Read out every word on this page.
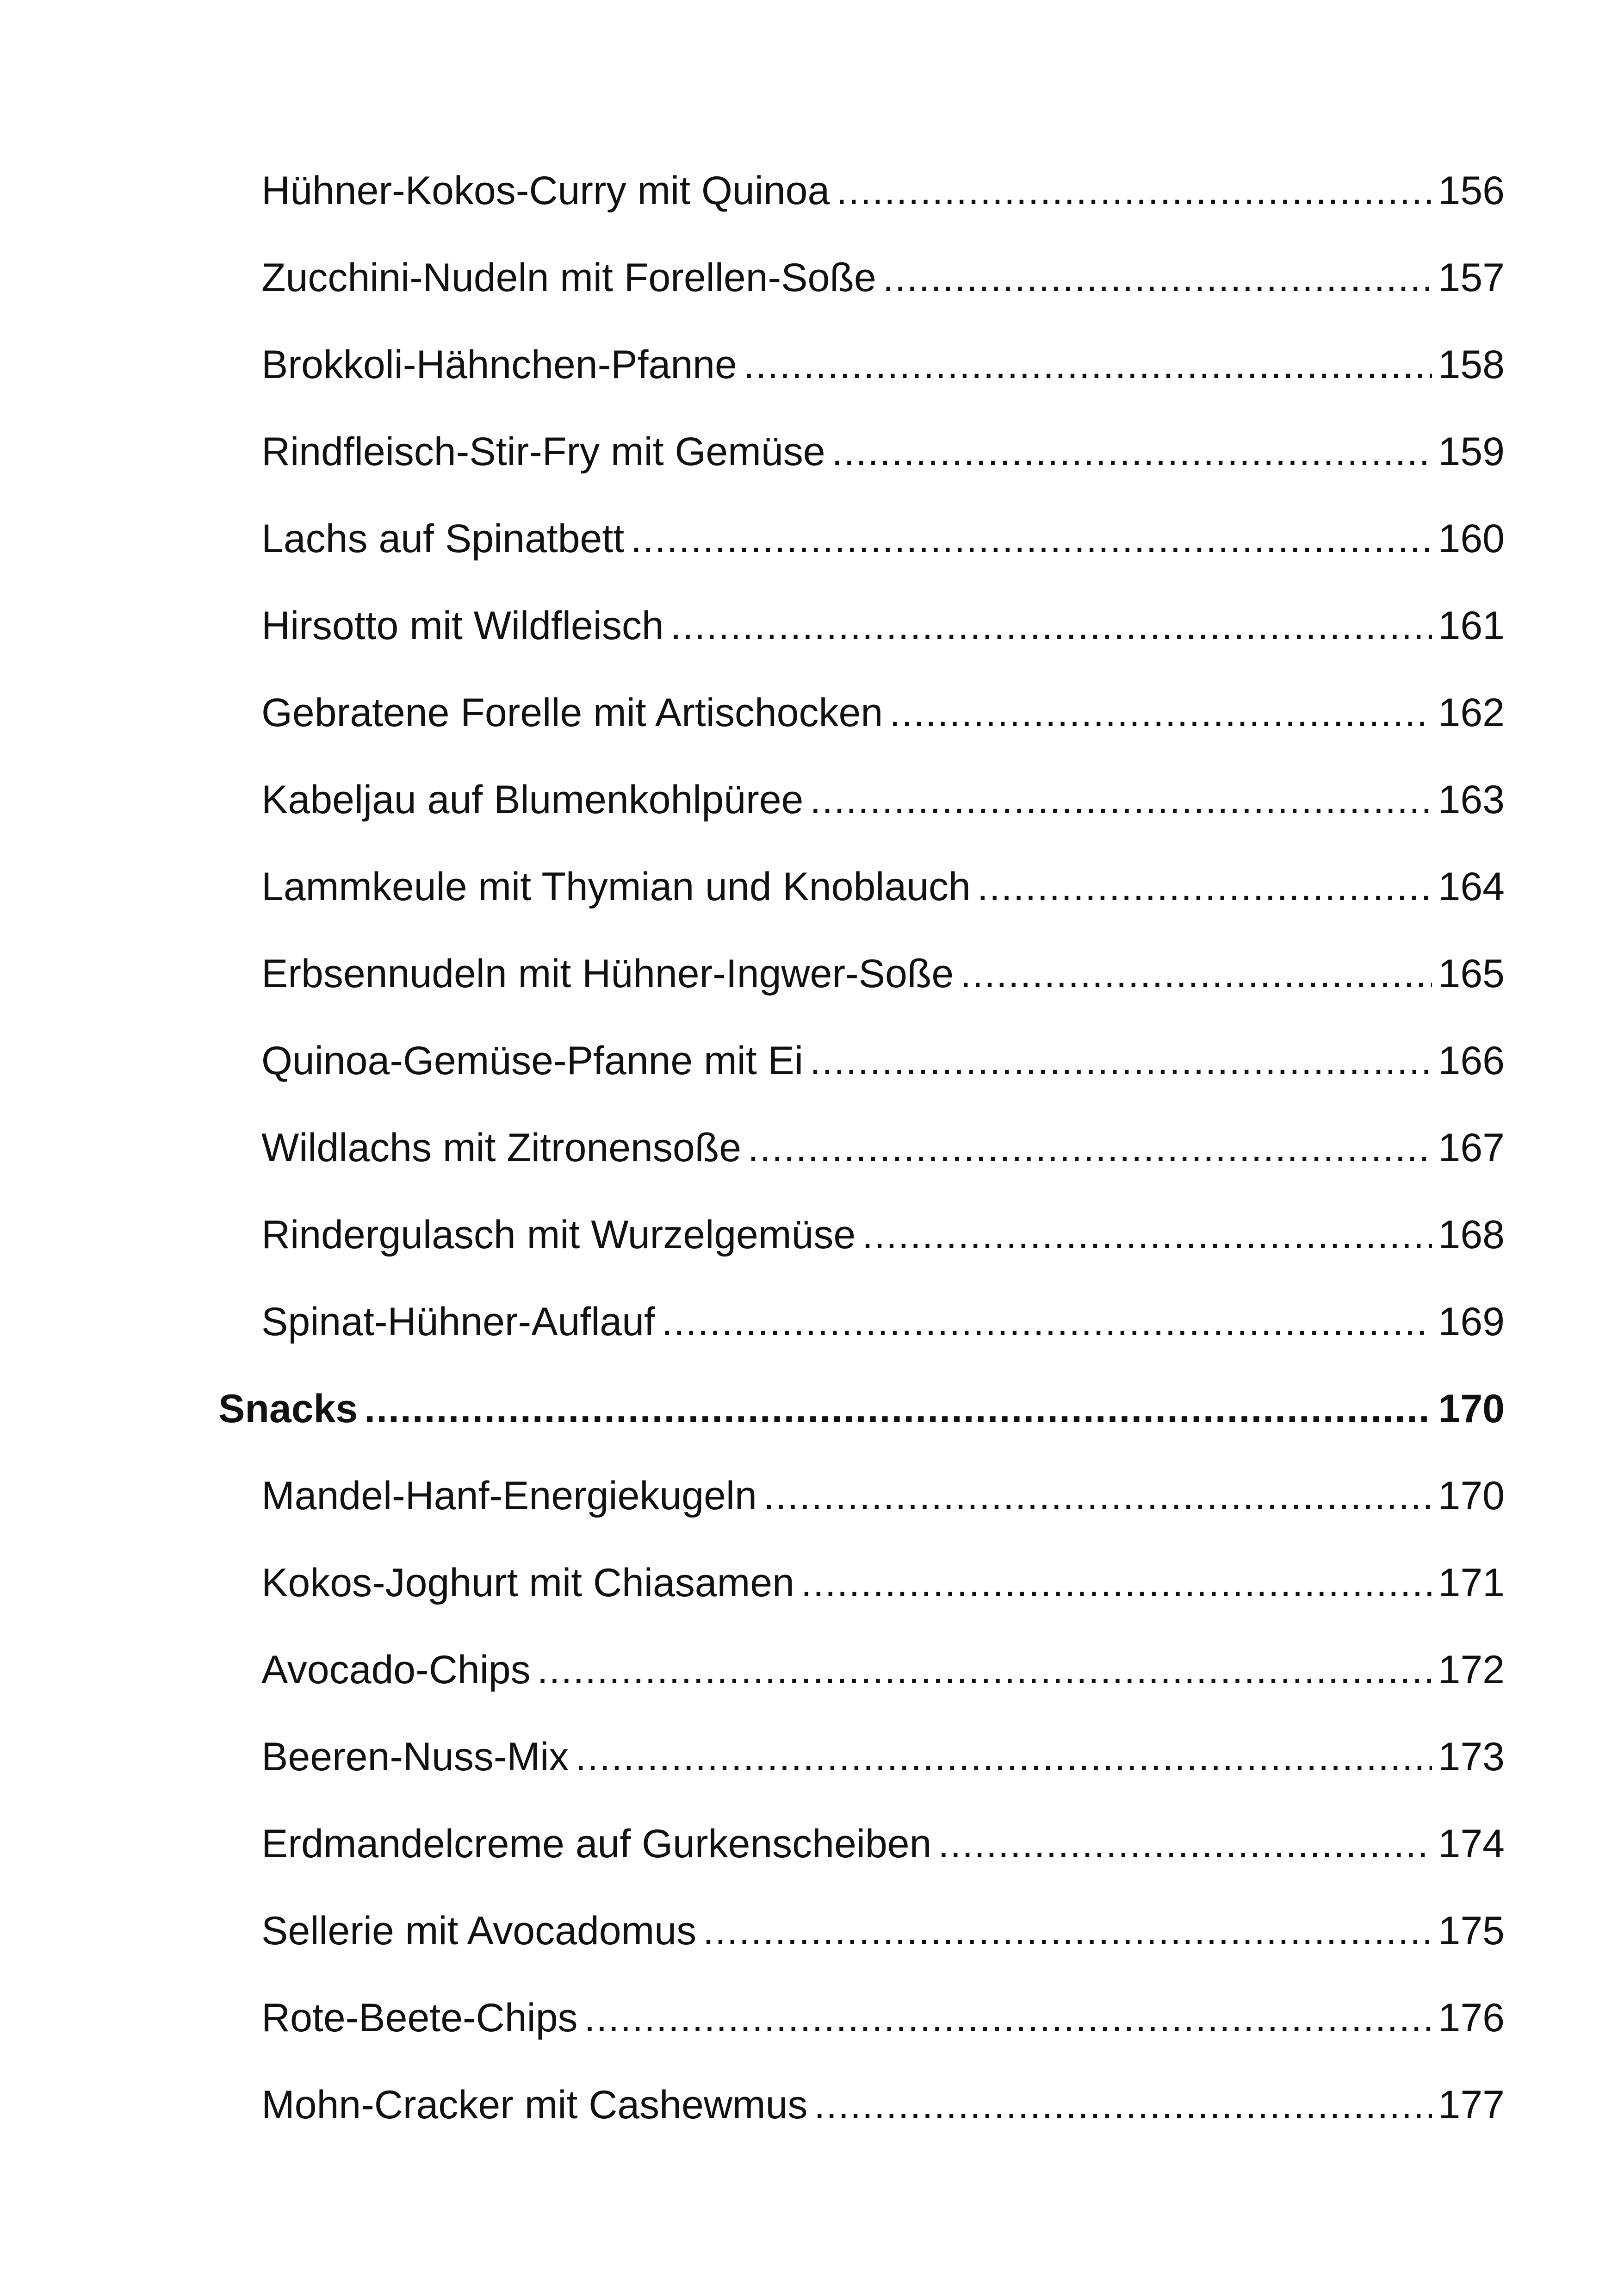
Hühner-Kokos-Curry mit Quinoa .....	156
Zucchini-Nudeln mit Forellen-Soße .....	157
Brokkoli-Hähnchen-Pfanne .....	158
Rindfleisch-Stir-Fry mit Gemüse .....	159
Lachs auf Spinatbett .....	160
Hirsotto mit Wildfleisch .....	161
Gebratene Forelle mit Artischocken .....	162
Kabeljau auf Blumenkohlpüree .....	163
Lammkeule mit Thymian und Knoblauch .....	164
Erbsennudeln mit Hühner-Ingwer-Soße .....	165
Quinoa-Gemüse-Pfanne mit Ei .....	166
Wildlachs mit Zitronensoße .....	167
Rindergulasch mit Wurzelgemüse .....	168
Spinat-Hühner-Auflauf .....	169
Snacks .....	170
Mandel-Hanf-Energiekugeln .....	170
Kokos-Joghurt mit Chiasamen .....	171
Avocado-Chips .....	172
Beeren-Nuss-Mix .....	173
Erdmandelcreme auf Gurkenscheiben .....	174
Sellerie mit Avocadomus .....	175
Rote-Beete-Chips .....	176
Mohn-Cracker mit Cashewmus .....	177
